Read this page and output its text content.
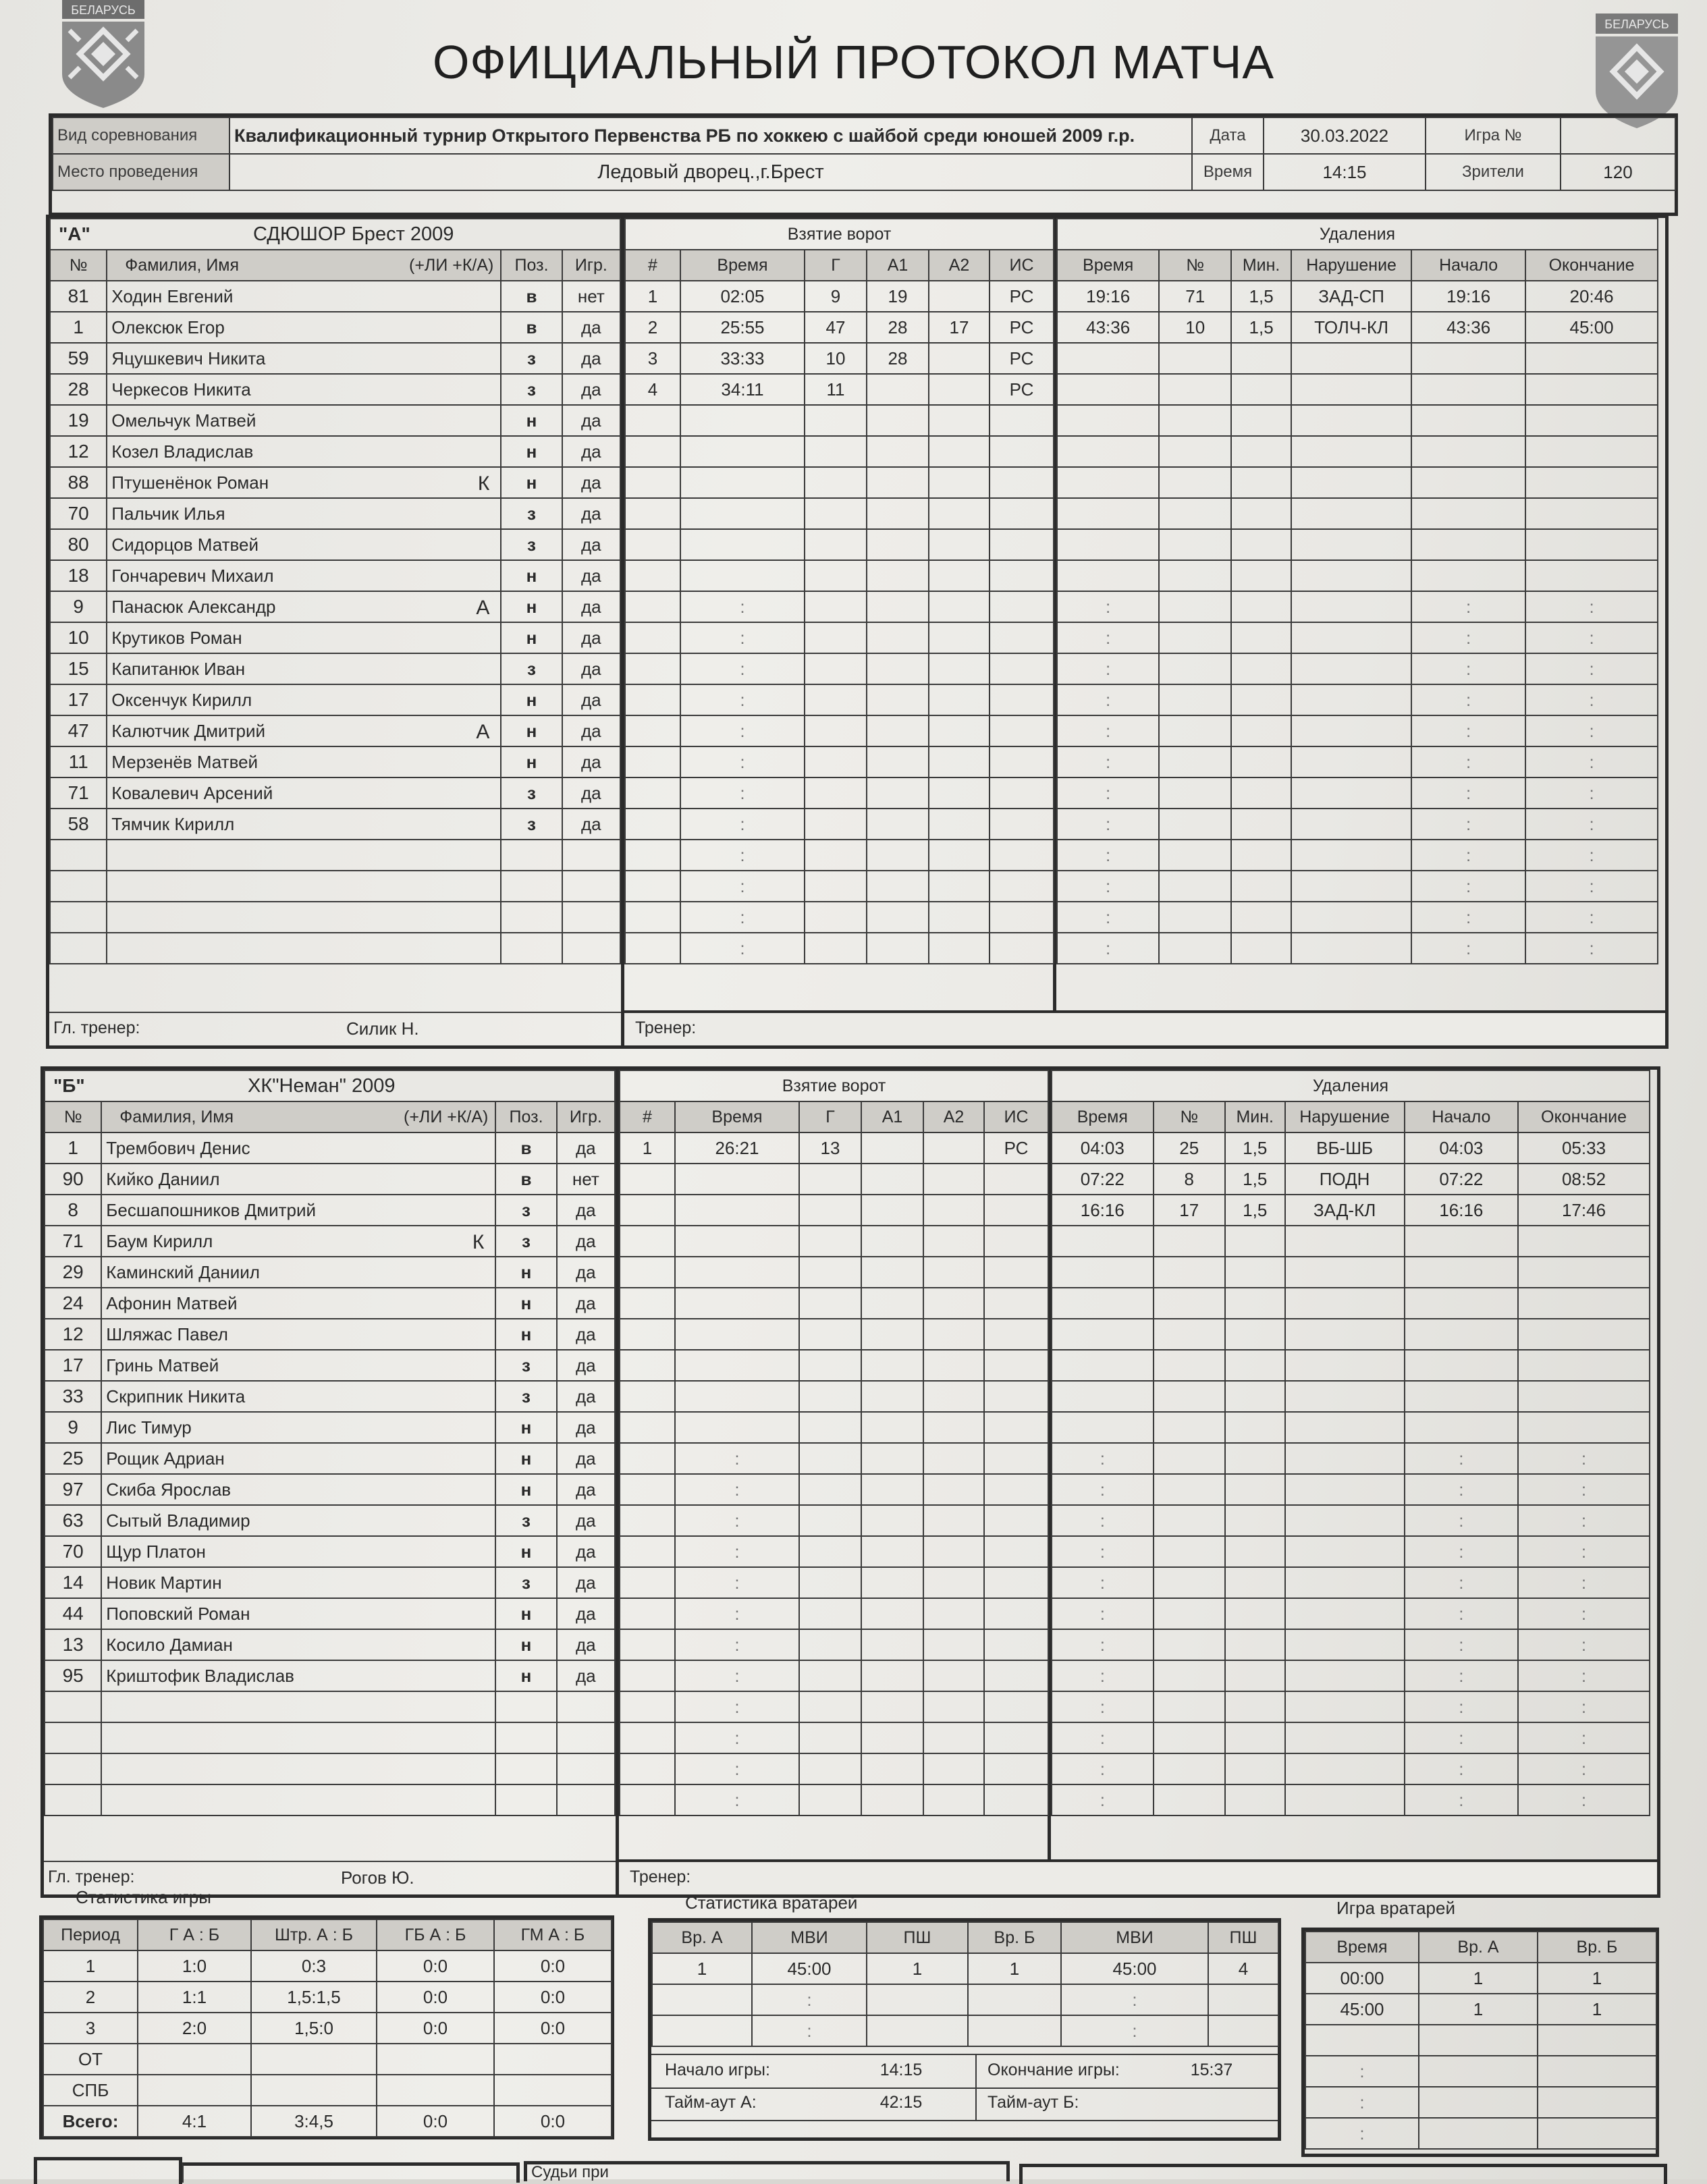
БЕЛАРУСЬ
БЕЛАРУСЬ
ОФИЦИАЛЬНЫЙ ПРОТОКОЛ МАТЧА
Вид соревнования	Квалификационный турнир Открытого Первенства РБ по хоккею с шайбой среди юношей 2009 г.р.	Дата	30.03.2022	Игра №	
Место проведения	Ледовый дворец.,г.Брест	Время	14:15	Зрители	120
"А" СДЮШОР Брест 2009			

№	Фамилия, Имя (+ЛИ +К/А)	Поз.	Игр.
81	Ходин Евгений	в	нет
1	Олексюк Егор	в	да
59	Яцушкевич Никита	з	да
28	Черкесов Никита	з	да
19	Омельчук Матвей	н	да
12	Козел Владислав	н	да
88	Птушенёнок Роман К	н	да
70	Пальчик Илья	з	да
80	Сидорцов Матвей	з	да
18	Гончаревич Михаил	н	да
9	Панасюк Александр А	н	да
10	Крутиков Роман	н	да
15	Капитанюк Иван	з	да
17	Оксенчук Кирилл	н	да
47	Калютчик Дмитрий А	н	да
11	Мерзенёв Матвей	н	да
71	Ковалевич Арсений	з	да
58	Тямчик Кирилл	з	да

Гл. тренер:	Силик Н.
Взятие ворот					
#	Время	Г	А1	А2	ИС
1	02:05	9	19		РС
2	25:55	47	28	17	РС
3	33:33	10	28		РС
4	34:11	11			РС

	:				
	:				
	:				
	:				
	:				
	:				
	:				
	:				
	:				
	:				
	:				
	:				
Удаления					
Время	№	Мин.	Нарушение	Начало	Окончание
19:16	71	1,5	ЗАД-СП	19:16	20:46
43:36	10	1,5	ТОЛЧ-КЛ	43:36	45:00

:				:	:
:				:	:
:				:	:
:				:	:
:				:	:
:				:	:
:				:	:
:				:	:
:				:	:
:				:	:
:				:	:
:				:	:
Тренер:
"Б" ХК"Неман" 2009			

№	Фамилия, Имя (+ЛИ +К/А)	Поз.	Игр.
1	Трембович Денис	в	да
90	Кийко Даниил	в	нет
8	Бесшапошников Дмитрий	з	да
71	Баум Кирилл К	з	да
29	Каминский Даниил	н	да
24	Афонин Матвей	н	да
12	Шляжас Павел	н	да
17	Гринь Матвей	з	да
33	Скрипник Никита	з	да
9	Лис Тимур	н	да
25	Рощик Адриан	н	да
97	Скиба Ярослав	н	да
63	Сытый Владимир	з	да
70	Щур Платон	н	да
14	Новик Мартин	з	да
44	Поповский Роман	н	да
13	Косило Дамиан	н	да
95	Криштофик Владислав	н	да

Гл. тренер:	Рогов Ю.
Взятие ворот					
#	Время	Г	А1	А2	ИС
1	26:21	13			РС

	:				
	:				
	:				
	:				
	:				
	:				
	:				
	:				
	:				
	:				
	:				
	:				
Удаления					
Время	№	Мин.	Нарушение	Начало	Окончание
04:03	25	1,5	ВБ-ШБ	04:03	05:33
07:22	8	1,5	ПОДН	07:22	08:52
16:16	17	1,5	ЗАД-КЛ	16:16	17:46

:				:	:
:				:	:
:				:	:
:				:	:
:				:	:
:				:	:
:				:	:
:				:	:
:				:	:
:				:	:
:				:	:
:				:	:
Тренер:
Статистика игры
Период	Г А : Б	Штр. А : Б	ГБ А : Б	ГМ А : Б
1	1:0	0:3	0:0	0:0
2	1:1	1,5:1,5	0:0	0:0
3	2:0	1,5:0	0:0	0:0
ОТ				
СПБ				
Всего:	4:1	3:4,5	0:0	0:0
Статистика вратарей
Вр. А	МВИ	ПШ	Вр. Б	МВИ	ПШ
1	45:00	1	1	45:00	4
	:			:	
	:			:	
Начало игры:	14:15	Окончание игры:	15:37
Тайм-аут А:	42:15	Тайм-аут Б:
Игра вратарей
Время	Вр. А	Вр. Б
00:00	1	1
45:00	1	1

:		
:		
:		
Судьи при
